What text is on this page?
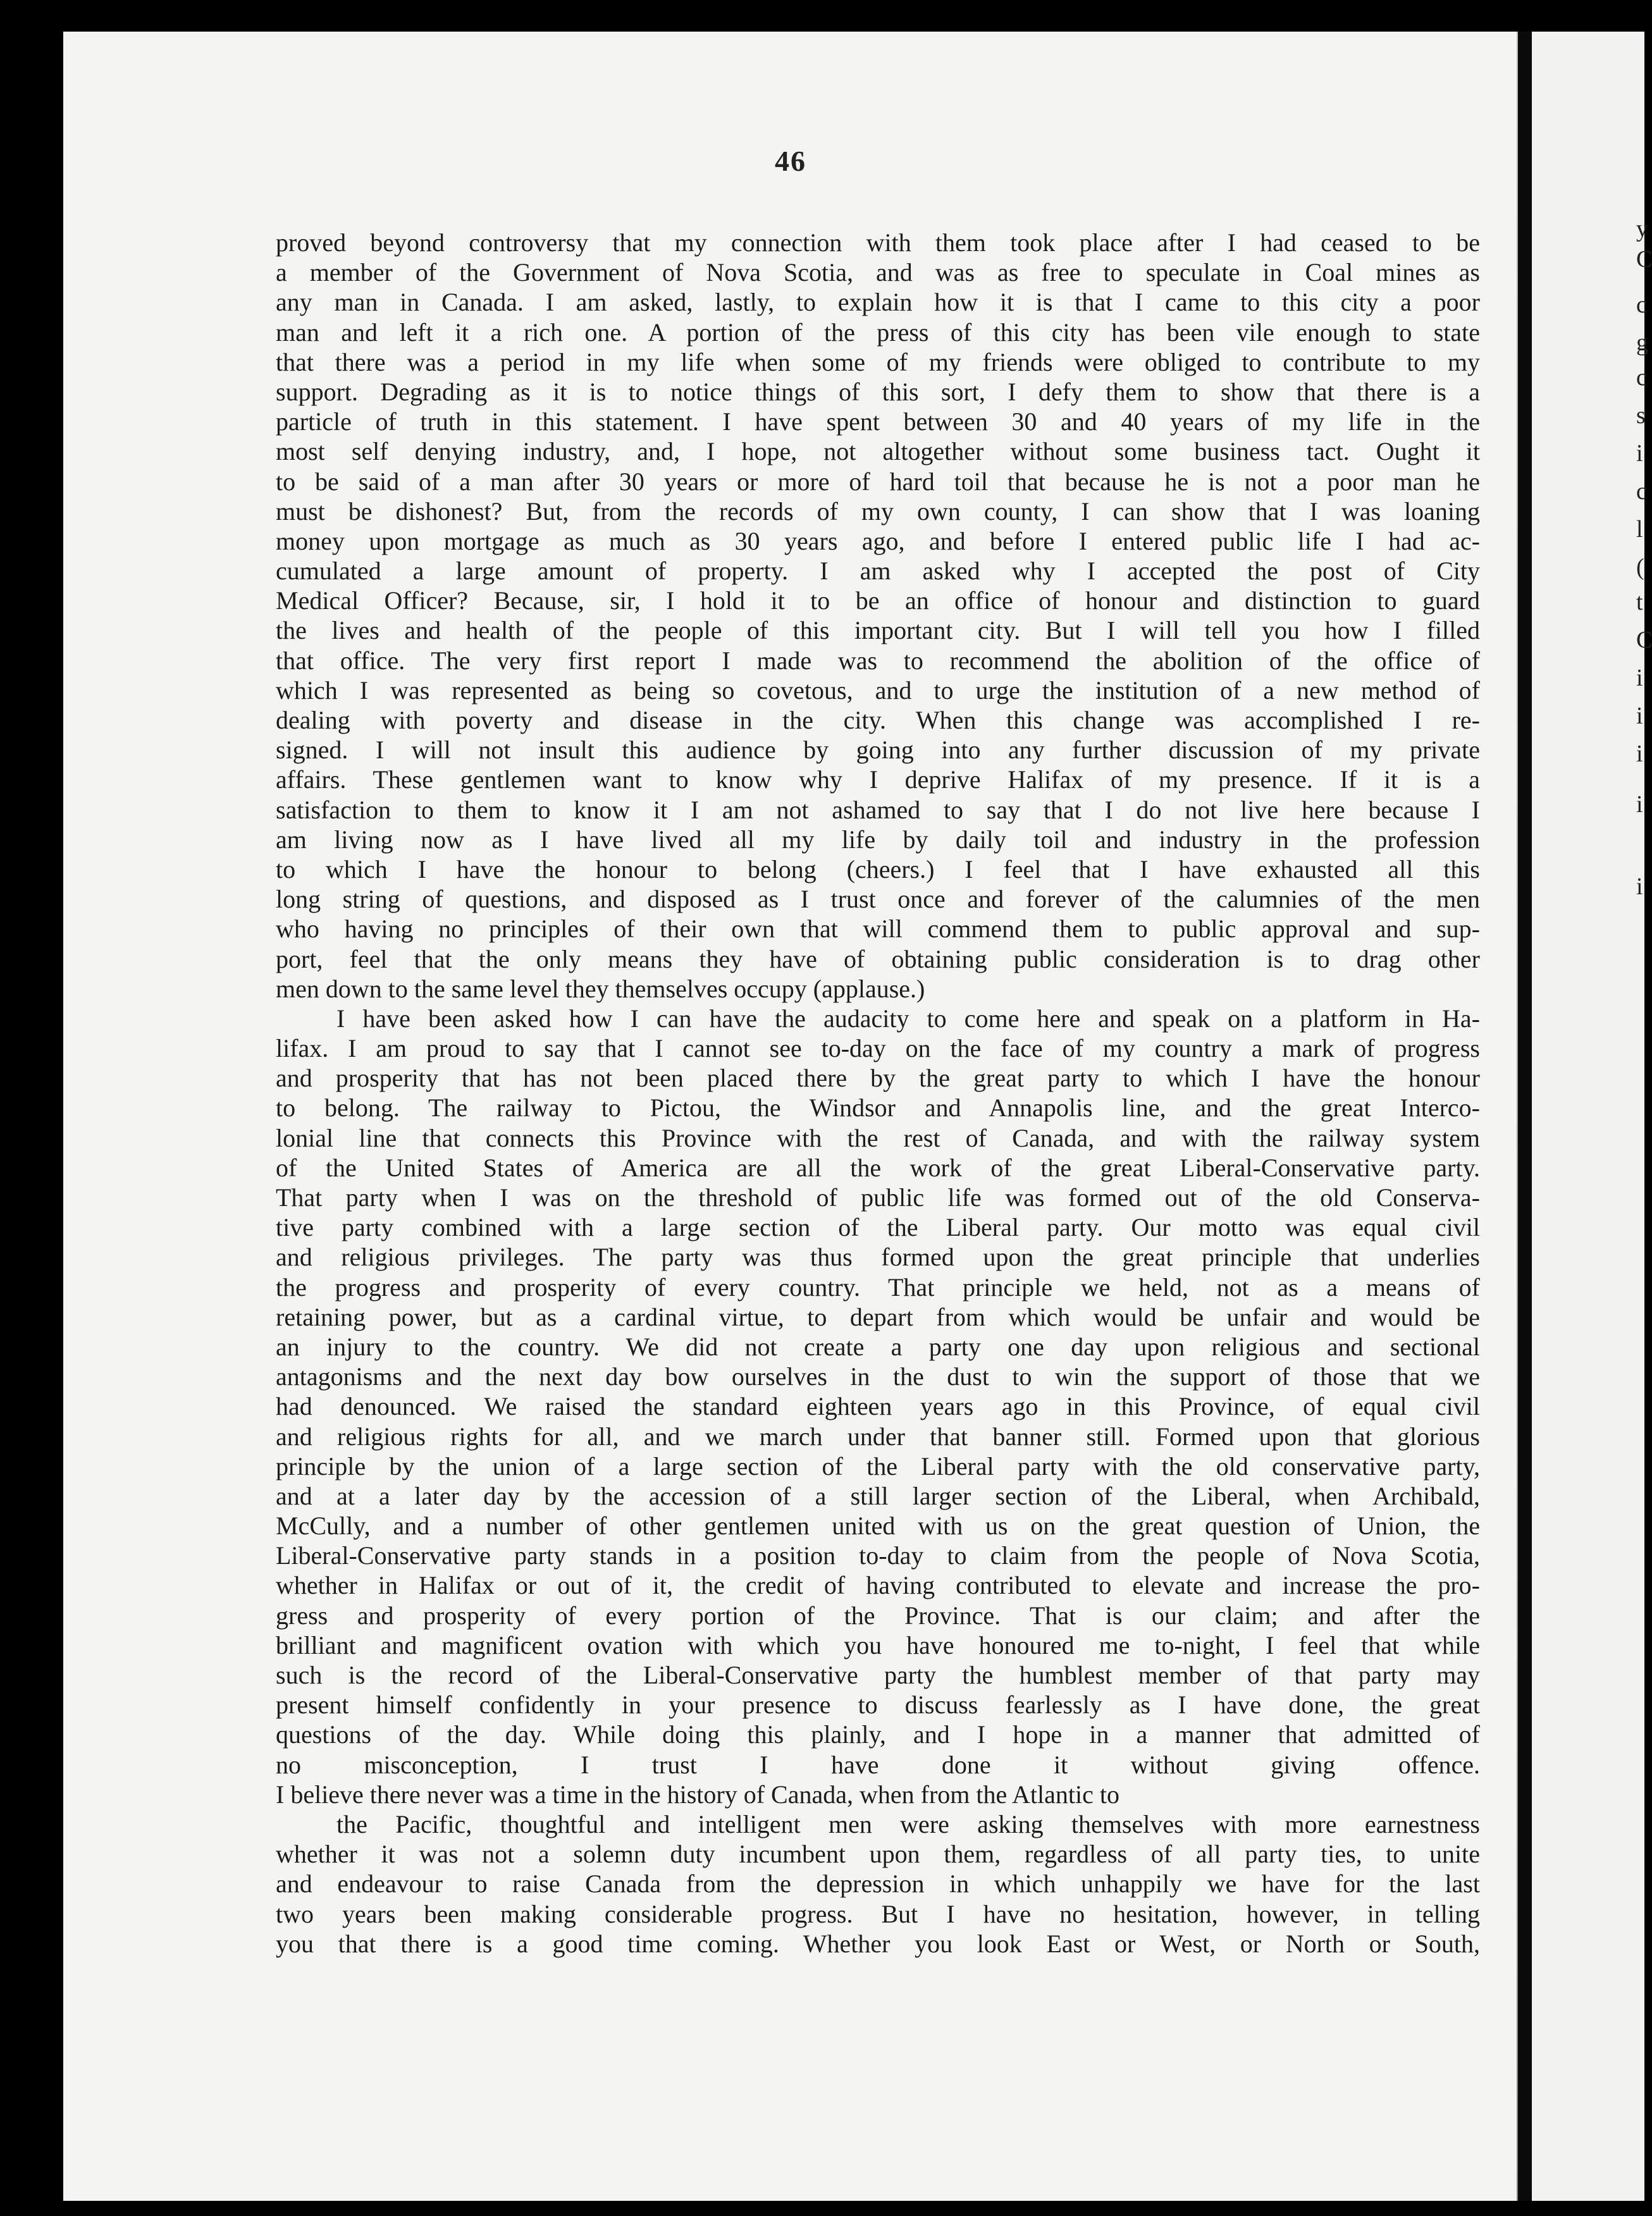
46
proved beyond controversy that my connection with them took place after I had ceased to be
a member of the Government of Nova Scotia, and was as free to speculate in Coal mines as
any man in Canada. I am asked, lastly, to explain how it is that I came to this city a poor
man and left it a rich one. A portion of the press of this city has been vile enough to state
that there was a period in my life when some of my friends were obliged to contribute to my
support. Degrading as it is to notice things of this sort, I defy them to show that there is a
particle of truth in this statement. I have spent between 30 and 40 years of my life in the
most self denying industry, and, I hope, not altogether without some business tact. Ought it
to be said of a man after 30 years or more of hard toil that because he is not a poor man he
must be dishonest? But, from the records of my own county, I can show that I was loaning
money upon mortgage as much as 30 years ago, and before I entered public life I had ac-
cumulated a large amount of property. I am asked why I accepted the post of City
Medical Officer? Because, sir, I hold it to be an office of honour and distinction to guard
the lives and health of the people of this important city. But I will tell you how I filled
that office. The very first report I made was to recommend the abolition of the office of
which I was represented as being so covetous, and to urge the institution of a new method of
dealing with poverty and disease in the city. When this change was accomplished I re-
signed. I will not insult this audience by going into any further discussion of my private
affairs. These gentlemen want to know why I deprive Halifax of my presence. If it is a
satisfaction to them to know it I am not ashamed to say that I do not live here because I
am living now as I have lived all my life by daily toil and industry in the profession
to which I have the honour to belong (cheers.) I feel that I have exhausted all this
long string of questions, and disposed as I trust once and forever of the calumnies of the men
who having no principles of their own that will commend them to public approval and sup-
port, feel that the only means they have of obtaining public consideration is to drag other
men down to the same level they themselves occupy (applause.)
I have been asked how I can have the audacity to come here and speak on a platform in Ha-
lifax. I am proud to say that I cannot see to-day on the face of my country a mark of progress
and prosperity that has not been placed there by the great party to which I have the honour
to belong. The railway to Pictou, the Windsor and Annapolis line, and the great Interco-
lonial line that connects this Province with the rest of Canada, and with the railway system
of the United States of America are all the work of the great Liberal-Conservative party.
That party when I was on the threshold of public life was formed out of the old Conserva-
tive party combined with a large section of the Liberal party. Our motto was equal civil
and religious privileges. The party was thus formed upon the great principle that underlies
the progress and prosperity of every country. That principle we held, not as a means of
retaining power, but as a cardinal virtue, to depart from which would be unfair and would be
an injury to the country. We did not create a party one day upon religious and sectional
antagonisms and the next day bow ourselves in the dust to win the support of those that we
had denounced. We raised the standard eighteen years ago in this Province, of equal civil
and religious rights for all, and we march under that banner still. Formed upon that glorious
principle by the union of a large section of the Liberal party with the old conservative party,
and at a later day by the accession of a still larger section of the Liberal, when Archibald,
McCully, and a number of other gentlemen united with us on the great question of Union, the
Liberal-Conservative party stands in a position to-day to claim from the people of Nova Scotia,
whether in Halifax or out of it, the credit of having contributed to elevate and increase the pro-
gress and prosperity of every portion of the Province. That is our claim; and after the
brilliant and magnificent ovation with which you have honoured me to-night, I feel that while
such is the record of the Liberal-Conservative party the humblest member of that party may
present himself confidently in your presence to discuss fearlessly as I have done, the great
questions of the day. While doing this plainly, and I hope in a manner that admitted of
no misconception, I trust I have done it without giving offence.
I believe there never was a time in the history of Canada, when from the Atlantic to
the Pacific, thoughtful and intelligent men were asking themselves with more earnestness
whether it was not a solemn duty incumbent upon them, regardless of all party ties, to unite
and endeavour to raise Canada from the depression in which unhappily we have for the last
two years been making considerable progress. But I have no hesitation, however, in telling
you that there is a good time coming. Whether you look East or West, or North or South,
y
C
c
g
c
s
i
c
l
(
t
C
i
i
i
i
i
